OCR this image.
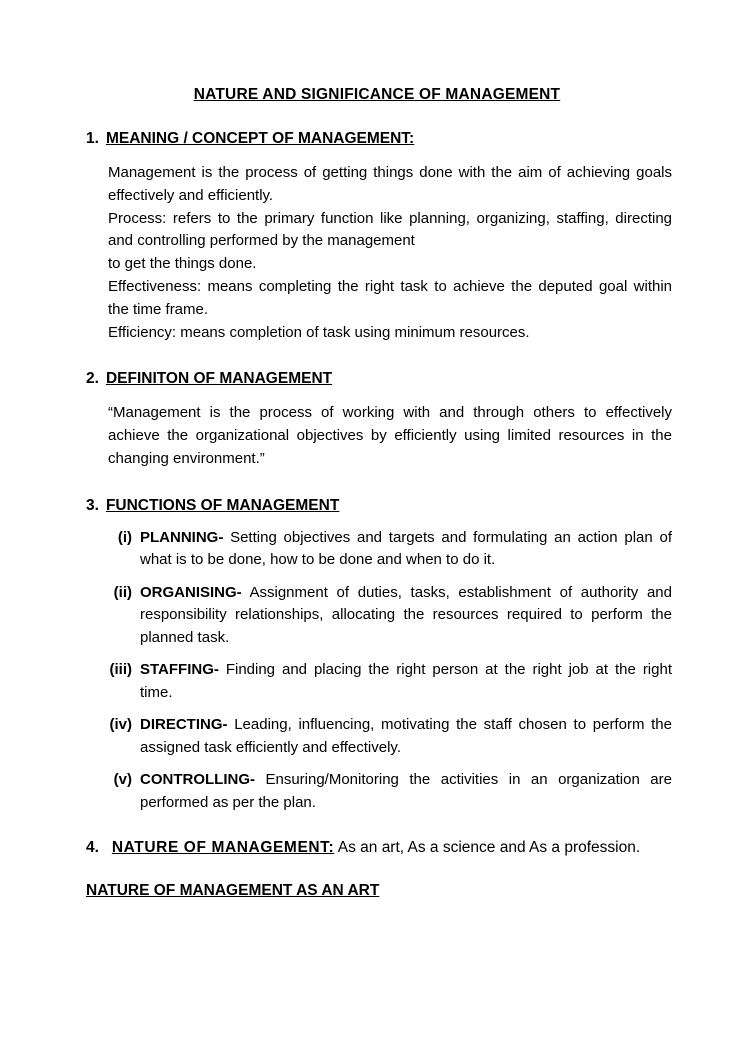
NATURE AND SIGNIFICANCE OF MANAGEMENT
1. MEANING / CONCEPT OF MANAGEMENT:

Management is the process of getting things done with the aim of achieving goals effectively and efficiently.

Process: refers to the primary function like planning, organizing, staffing, directing and controlling performed by the management

to get the things done.

Effectiveness: means completing the right task to achieve the deputed goal within the time frame.

Efficiency: means completion of task using minimum resources.

2. DEFINITON OF MANAGEMENT

“Management is the process of working with and through others to effectively achieve the organizational objectives by efficiently using limited resources in the changing environment.”

3. FUNCTIONS OF MANAGEMENT
(i) PLANNING- Setting objectives and targets and formulating an action plan of what is to be done, how to be done and when to do it.
(ii) ORGANISING- Assignment of duties, tasks, establishment of authority and responsibility relationships, allocating the resources required to perform the planned task.
(iii) STAFFING- Finding and placing the right person at the right job at the right time.
(iv) DIRECTING- Leading, influencing, motivating the staff chosen to perform the assigned task efficiently and effectively.
(v) CONTROLLING- Ensuring/Monitoring the activities in an organization are performed as per the plan.
4. NATURE OF MANAGEMENT: As an art, As a science and As a profession.
NATURE OF MANAGEMENT AS AN ART
